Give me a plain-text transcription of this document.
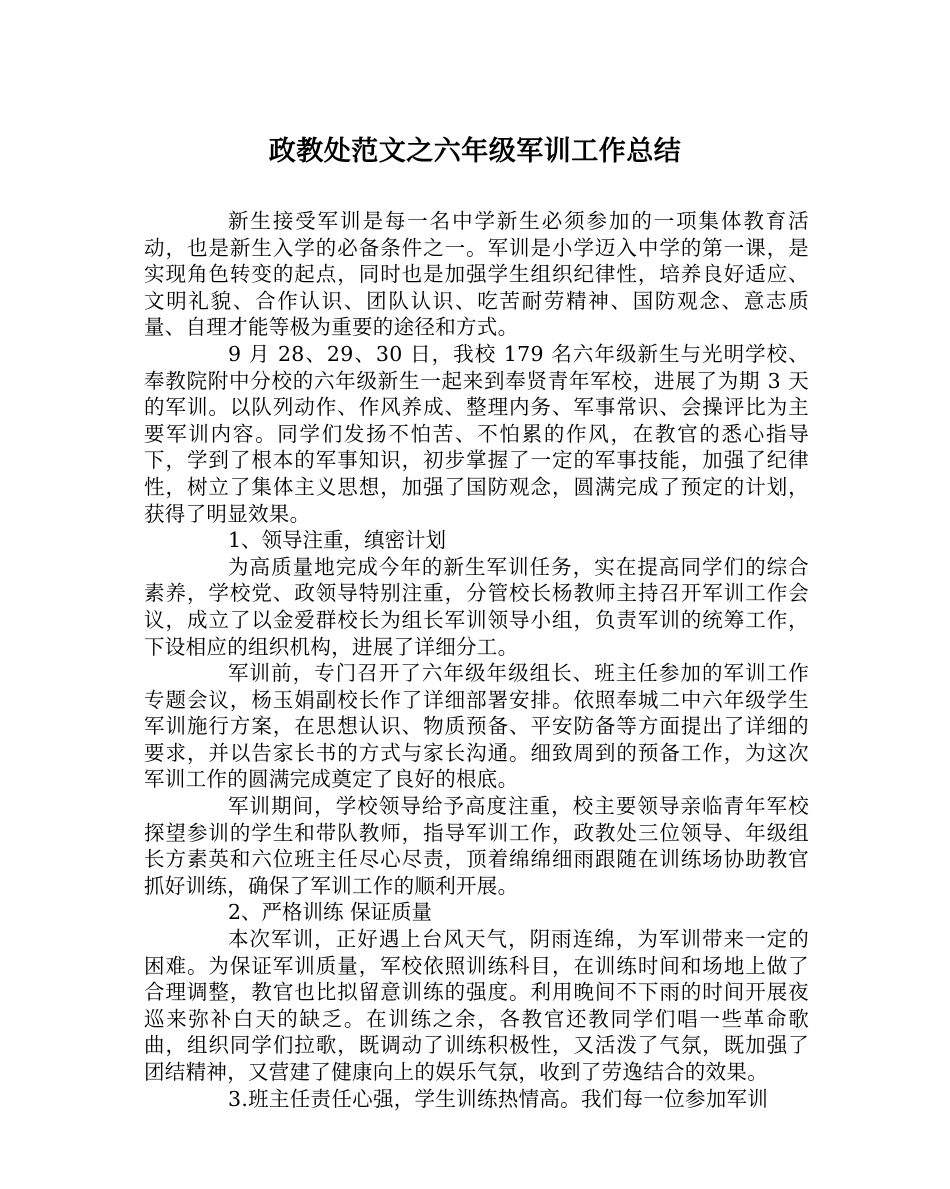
政教处范文之六年级军训工作总结

新生接受军训是每一名中学新生必须参加的一项集体教育活动，也是新生入学的必备条件之一。军训是小学迈入中学的第一课，是实现角色转变的起点，同时也是加强学生组织纪律性，培养良好适应、文明礼貌、合作认识、团队认识、吃苦耐劳精神、国防观念、意志质量、自理才能等极为重要的途径和方式。

9 月 28、29、30 日，我校 179 名六年级新生与光明学校、奉教院附中分校的六年级新生一起来到奉贤青年军校，进展了为期 3 天的军训。以队列动作、作风养成、整理内务、军事常识、会操评比为主要军训内容。同学们发扬不怕苦、不怕累的作风，在教官的悉心指导下，学到了根本的军事知识，初步掌握了一定的军事技能，加强了纪律性，树立了集体主义思想，加强了国防观念，圆满完成了预定的计划，获得了明显效果。

1、领导注重，缜密计划

为高质量地完成今年的新生军训任务，实在提高同学们的综合素养，学校党、政领导特别注重，分管校长杨教师主持召开军训工作会议，成立了以金爱群校长为组长军训领导小组，负责军训的统筹工作，下设相应的组织机构，进展了详细分工。

军训前，专门召开了六年级年级组长、班主任参加的军训工作专题会议，杨玉娟副校长作了详细部署安排。依照奉城二中六年级学生军训施行方案，在思想认识、物质预备、平安防备等方面提出了详细的要求，并以告家长书的方式与家长沟通。细致周到的预备工作，为这次军训工作的圆满完成奠定了良好的根底。

军训期间，学校领导给予高度注重，校主要领导亲临青年军校探望参训的学生和带队教师，指导军训工作，政教处三位领导、年级组长方素英和六位班主任尽心尽责，顶着绵绵细雨跟随在训练场协助教官抓好训练，确保了军训工作的顺利开展。

2、严格训练 保证质量

本次军训，正好遇上台风天气，阴雨连绵，为军训带来一定的困难。为保证军训质量，军校依照训练科目，在训练时间和场地上做了合理调整，教官也比拟留意训练的强度。利用晚间不下雨的时间开展夜巡来弥补白天的缺乏。在训练之余，各教官还教同学们唱一些革命歌曲，组织同学们拉歌，既调动了训练积极性，又活泼了气氛，既加强了团结精神，又营建了健康向上的娱乐气氛，收到了劳逸结合的效果。

3.班主任责任心强，学生训练热情高。我们每一位参加军训
